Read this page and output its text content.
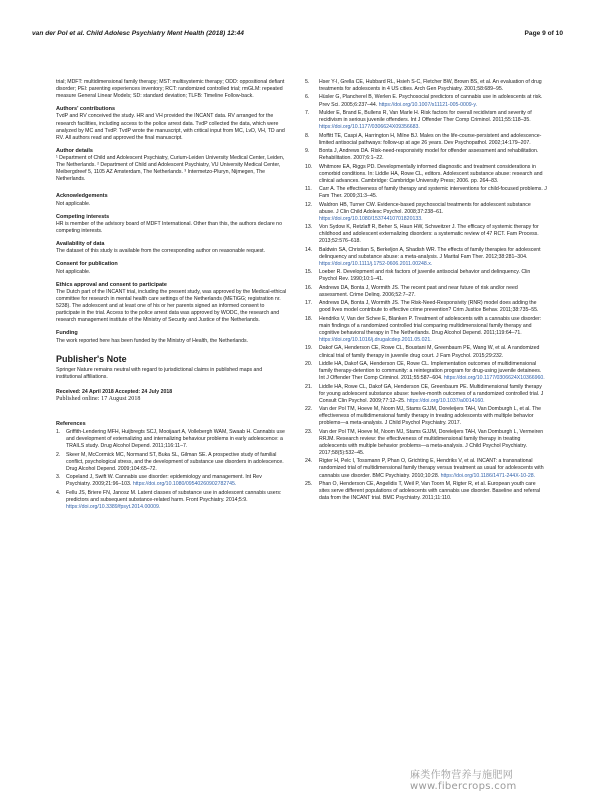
van der Pol et al. Child Adolesc Psychiatry Ment Health (2018) 12:44	Page 9 of 10

trial; MDFT: multidimensional family therapy; MST: multisystemic therapy; ODD: oppositional defiant disorder; PEI: parenting experiences inventory; RCT: randomized controlled trial; rmGLM: repeated measure General Linear Models; SD: standard deviation; TLFB: Timeline Follow-back.

Authors' contributions

TvdP and RV conceived the study. HR and VH provided the INCANT data. RV arranged for the research facilities, including access to the police arrest data. TvdP collected the data, which were analyzed by MC and TvdP. TvdP wrote the manuscript, with critical input from MC, LvD, VH, TD and RV. All authors read and approved the final manuscript.

Author details

¹ Department of Child and Adolescent Psychiatry, Curium-Leiden University Medical Center, Leiden, The Netherlands. ² Department of Child and Adolescent Psychiatry, VU University Medical Center, Meibergdreef 5, 1105 AZ Amsterdam, The Netherlands. ³ Intermetzo-Pluryn, Nijmegen, The Netherlands.

Acknowledgements

Not applicable.

Competing interests

HR is member of the advisory board of MDFT International. Other than this, the authors declare no competing interests.

Availability of data

The dataset of this study is available from the corresponding author on reasonable request.

Consent for publication

Not applicable.

Ethics approval and consent to participate

The Dutch part of the INCANT trial, including the present study, was approved by the Medical-ethical committee for research in mental health care settings of the Netherlands (METiGG; registration nr. 5238). The adolescent and at least one of his or her parents signed an informed consent to participate in the trial. Access to the police arrest data was approved by WODC, the research and research management institute of the Ministry of Security and Justice of the Netherlands.

Funding

The work reported here has been funded by the Ministry of Health, the Netherlands.

Publisher's Note

Springer Nature remains neutral with regard to jurisdictional claims in published maps and institutional affiliations.

Received: 24 April 2018 Accepted: 24 July 2018

Published online: 17 August 2018

References
1. Griffith-Lendering MFH, Huijbregts SCJ, Mooijaart A, Vollebergh WAM, Swaab H. Cannabis use and development of externalizing and internalizing behaviour problems in early adolescence: a TRAILS study. Drug Alcohol Depend. 2011;116:11–7.
2. Skeer M, McCormick MC, Normand ST, Buka SL, Gilman SE. A prospective study of familial conflict, psychological stress, and the development of substance use disorders in adolescence. Drug Alcohol Depend. 2009;104:65–72.
3. Copeland J, Swift W. Cannabis use disorder: epidemiology and management. Int Rev Psychiatry. 2009;21:96–103. https://doi.org/10.1080/09540260902782745.
4. Fellu JS, Briere FN, Janosz M. Latent classes of substance use in adolescent cannabis users: predictors and subsequent substance-related harm. Front Psychiatry. 2014;5:9. https://doi.org/10.3389/fpsyt.2014.00009.
5. Hser Y-I, Grella CE, Hubbard RL, Hsieh S-C, Fletcher BW, Brown BS, et al. An evaluation of drug treatments for adolescents in 4 US cities. Arch Gen Psychiatry. 2001;58:689–95.
6. Hüsler G, Plancherel B, Werlen E. Psychosocial predictors of cannabis use in adolescents at risk. Prev Sci. 2005;6:237–44. https://doi.org/10.1007/s11121-005-0009-y.
7. Mulder E, Brand E, Bullens R, Van Marle H. Risk factors for overall recidivism and severity of recidivism in serious juvenile offenders. Int J Offender Ther Comp Criminol. 2011;55:118–35. https://doi.org/10.1177/0306624X09356683.
8. Moffitt TE, Caspi A, Harrington H, Milne BJ. Males on the life-course-persistent and adolescence-limited antisocial pathways: follow-up at age 26 years. Dev Psychopathol. 2002;14:179–207.
9. Bonta J, Andrews DA. Risk-need-responsivity model for offender assessment and rehabilitation. Rehabilitation. 2007;6:1–22.
10. Whitmore EA, Riggs PD. Developmentally informed diagnostic and treatment considerations in comorbid conditions. In: Liddle HA, Rowe CL, editors. Adolescent substance abuse: research and clinical advances. Cambridge: Cambridge University Press; 2006. pp. 264–83.
11. Carr A. The effectiveness of family therapy and systemic interventions for child-focused problems. J Fam Ther. 2009;31:3–45.
12. Waldron HB, Turner CW. Evidence-based psychosocial treatments for adolescent substance abuse. J Clin Child Adolesc Psychol. 2008;37:238–61. https://doi.org/10.1080/15374410701820133.
13. Von Sydow K, Retzlaff R, Beher S, Haun HW, Schweitzer J. The efficacy of systemic therapy for childhood and adolescent externalizing disorders: a systematic review of 47 RCT. Fam Process. 2013;52:576–618.
14. Baldwin SA, Christian S, Berkeljon A, Shadish WR. The effects of family therapies for adolescent delinquency and substance abuse: a meta-analysis. J Marital Fam Ther. 2012;38:281–304. https://doi.org/10.1111/j.1752-0606.2011.00248.x.
15. Loeber R. Development and risk factors of juvenile antisocial behavior and delinquency. Clin Psychol Rev. 1990;10:1–41.
16. Andrews DA, Bonta J, Wormith JS. The recent past and near future of risk and/or need assessment. Crime Delinq. 2006;52:7–27.
17. Andrews DA, Bonta J, Wormith JS. The Risk-Need-Responsivity (RNR) model does adding the good lives model contribute to effective crime prevention? Crim Justice Behav. 2011;38:735–55.
18. Hendriks V, Van der Schee E, Blanken P. Treatment of adolescents with a cannabis use disorder: main findings of a randomized controlled trial comparing multidimensional family therapy and cognitive behavioral therapy in The Netherlands. Drug Alcohol Depend. 2011;119:64–71. https://doi.org/10.1016/j.drugalcdep.2011.05.021.
19. Dakof GA, Henderson CE, Rowe CL, Boustani M, Greenbaum PE, Wang W, et al. A randomized clinical trial of family therapy in juvenile drug court. J Fam Psychol. 2015;29:232.
20. Liddle HA, Dakof GA, Henderson CE, Rowe CL. Implementation outcomes of multidimensional family therapy-detention to community: a reintegration program for drug-using juvenile detainees. Int J Offender Ther Comp Criminol. 2011;55:587–604. https://doi.org/10.1177/0306624X10366960.
21. Liddle HA, Rowe CL, Dakof GA, Henderson CE, Greenbaum PE. Multidimensional family therapy for young adolescent substance abuse: twelve-month outcomes of a randomized controlled trial. J Consult Clin Psychol. 2009;77:12–25. https://doi.org/10.1037/a0014160.
22. Van der Pol TM, Hoeve M, Noom MJ, Stams GJJM, Doreleijers TAH, Van Domburgh L, et al. The effectiveness of multidimensional family therapy in treating adolescents with multiple behavior problems—a meta-analysis. J Child Psychol Psychiatry. 2017.
23. Van der Pol TM, Hoeve M, Noom MJ, Stams GJJM, Doreleijers TAH, Van Domburgh L, Vermeiren RRJM. Research review: the effectiveness of multidimensional family therapy in treating adolescents with multiple behavior problems—a meta-analysis. J Child Psychol Psychiatry. 2017;58(5):532–45.
24. Rigter H, Pelc I, Tossmann P, Phan O, Grichting E, Hendriks V, et al. INCANT: a transnational randomized trial of multidimensional family therapy versus treatment as usual for adolescents with cannabis use disorder. BMC Psychiatry. 2010;10:28. https://doi.org/10.1186/1471-244X-10-28.
25. Phan O, Henderson CE, Angelidis T, Weil P, Van Toorn M, Rigter R, et al. European youth care sites serve different populations of adolescents with cannabis use disorder. Baseline and referral data from the INCANT trial. BMC Psychiatry. 2011;11:110.
麻类作物营养与施肥网 www.fibercrops.com
